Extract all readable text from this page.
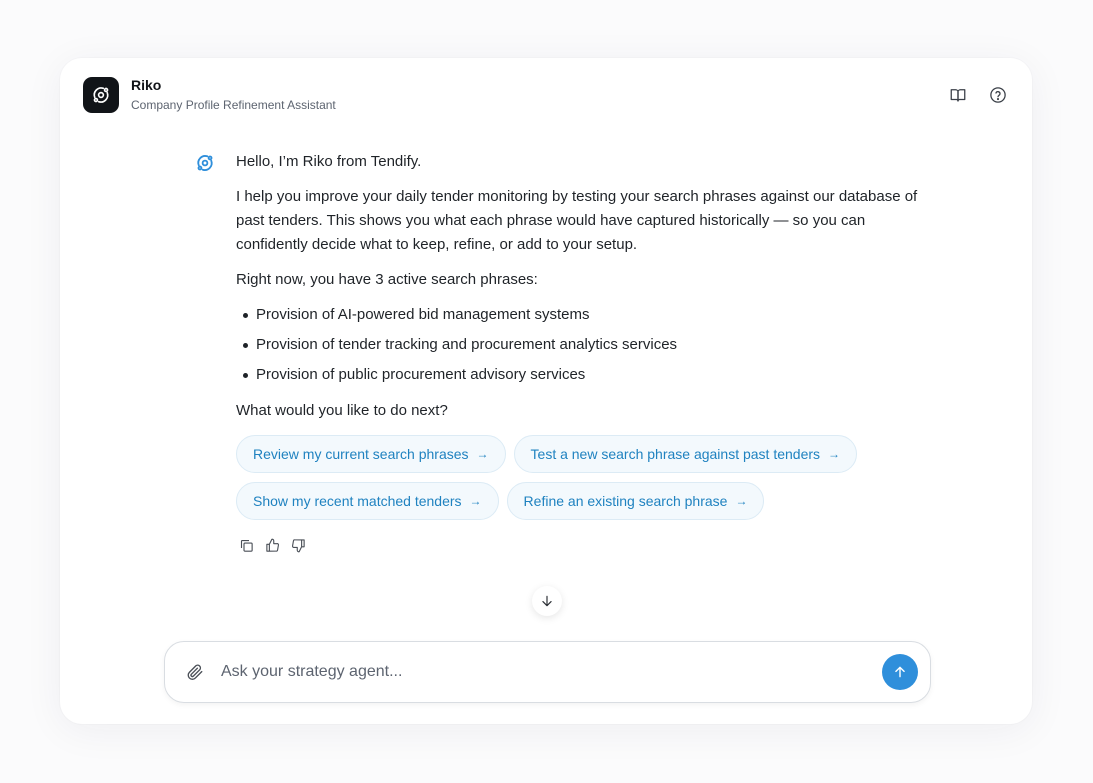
Riko
Company Profile Refinement Assistant

Hello, I’m Riko from Tendify.

I help you improve your daily tender monitoring by testing your search phrases against our database of past tenders. This shows you what each phrase would have captured historically — so you can confidently decide what to keep, refine, or add to your setup.

Right now, you have 3 active search phrases:

Provision of AI-powered bid management systems
Provision of tender tracking and procurement analytics services
Provision of public procurement advisory services

What would you like to do next?

Review my current search phrases →	Test a new search phrase against past tenders →
Show my recent matched tenders →	Refine an existing search phrase →
Ask your strategy agent...
